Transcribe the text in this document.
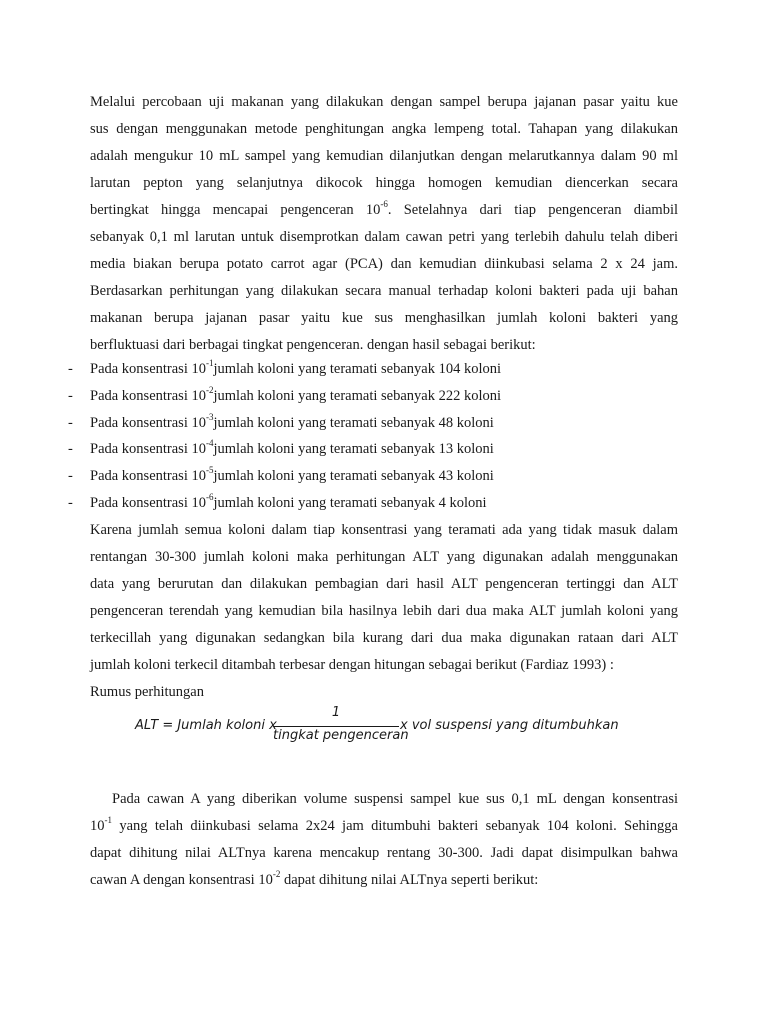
Melalui percobaan uji makanan yang dilakukan dengan sampel berupa jajanan pasar yaitu kue
sus dengan menggunakan metode penghitungan angka lempeng total. Tahapan yang dilakukan
adalah mengukur 10 mL sampel yang kemudian dilanjutkan dengan melarutkannya dalam 90 ml
larutan pepton yang selanjutnya dikocok hingga homogen kemudian diencerkan secara
bertingkat hingga mencapai pengenceran $10^{-6}$. Setelahnya dari tiap pengenceran diambil
sebanyak 0,1 ml larutan untuk disemprotkan dalam cawan petri yang terlebih dahulu telah diberi
media biakan berupa potato carrot agar (PCA) dan kemudian diinkubasi selama 2 x 24 jam.
Berdasarkan perhitungan yang dilakukan secara manual terhadap koloni bakteri pada uji bahan
makanan berupa jajanan pasar yaitu kue sus menghasilkan jumlah koloni bakteri yang
berfluktuasi dari berbagai tingkat pengenceran. dengan hasil sebagai berikut:
- Pada konsentrasi $10^{-1}jumlah$ koloni yang teramati sebanyak 104 koloni
- Pada konsentrasi $10^{-2}jumlah$ koloni yang teramati sebanyak 222 koloni
- Pada konsentrasi $10^{-3}jumlah$ koloni yang teramati sebanyak 48 koloni
- Pada konsentrasi $10^{-4}jumlah$ koloni yang teramati sebanyak 13 koloni
- Pada konsentrasi $10^{-5}jumlah$ koloni yang teramati sebanyak 43 koloni
- Pada konsentrasi $10^{-6}jumlah$ koloni yang teramati sebanyak 4 koloni
Karena jumlah semua koloni dalam tiap konsentrasi yang teramati ada yang tidak masuk dalam
rentangan 30-300 jumlah koloni maka perhitungan ALT yang digunakan adalah menggunakan
data yang berurutan dan dilakukan pembagian dari hasil ALT pengenceran tertinggi dan ALT
pengenceran terendah yang kemudian bila hasilnya lebih dari dua maka ALT jumlah koloni yang
terkecillah yang digunakan sedangkan bila kurang dari dua maka digunakan rataan dari ALT
jumlah koloni terkecil ditambah terbesar dengan hitungan sebagai berikut (Fardiaz 1993) :
Rumus perhitungan
ALT = Jumlah koloni x
1
tingkat pengenceran
x vol suspensi yang ditumbuhkan
Pada cawan A yang diberikan volume suspensi sampel kue sus 0,1 mL dengan konsentrasi
$10^{-1}$ yang telah diinkubasi selama 2x24 jam ditumbuhi bakteri sebanyak 104 koloni. Sehingga
dapat dihitung nilai ALTnya karena mencakup rentang 30-300. Jadi dapat disimpulkan bahwa
cawan A dengan konsentrasi $10^{-2}$ dapat dihitung nilai ALTnya seperti berikut:
